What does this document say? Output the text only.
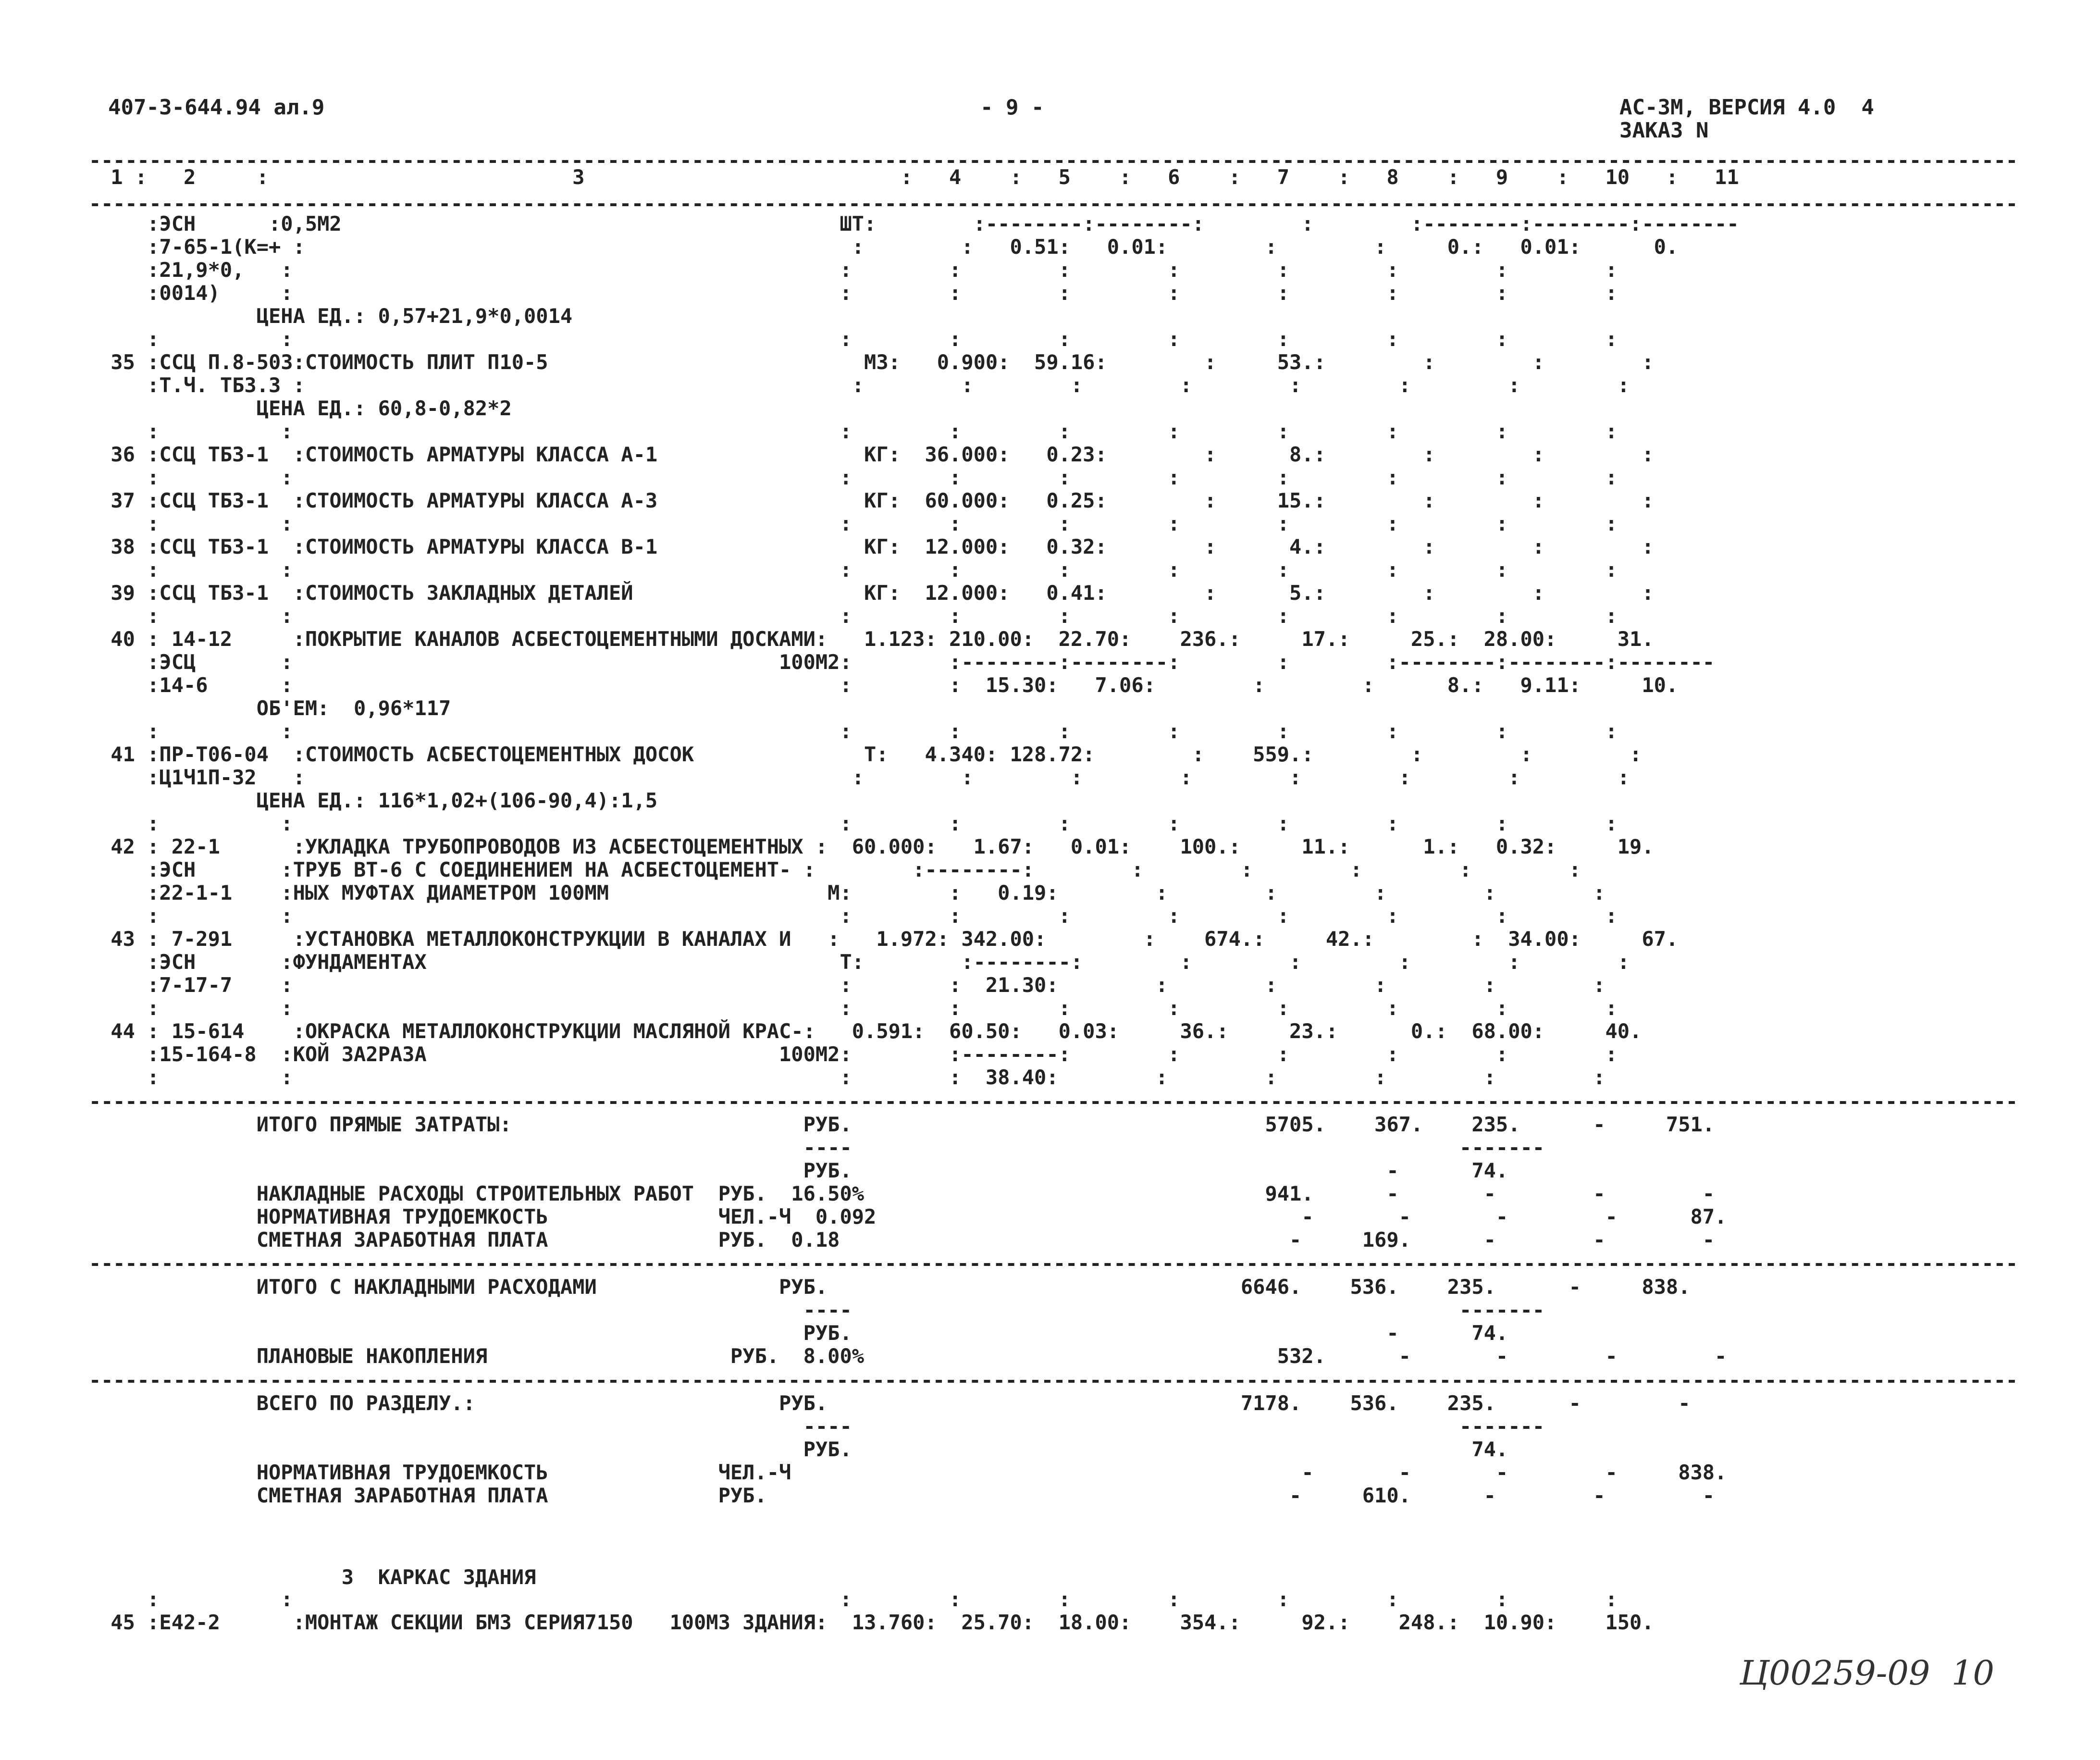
407-3-644.94 ал.9	- 9 -	АС-3М, ВЕРСИЯ 4.0  4
ЗАКАЗ N
Ц00259-09  10
----------------------------------------------------------------------------------------------------------------------------------------------------------------
----------------------------------------------------------------------------------------------------------------------------------------------------------------
----------------------------------------------------------------------------------------------------------------------------------------------------------------
----------------------------------------------------------------------------------------------------------------------------------------------------------------
----------------------------------------------------------------------------------------------------------------------------------------------------------------
1 :   2     :                         3                          :   4    :   5    :   6    :   7    :   8    :   9    :   10   :   11
:ЭСН      :0,5М2                                         ШТ:        :--------:--------:        :        :--------:--------:--------
:7-65-1(К=+ :                                             :        :   0.51:   0.01:        :        :     0.:   0.01:      0.
:21,9*0,   :                                             :        :        :        :        :        :        :        :
:0014)     :                                             :        :        :        :        :        :        :        :
ЦЕНА ЕД.: 0,57+21,9*0,0014
:          :                                             :        :        :        :        :        :        :        :
35 :ССЦ П.8-503:СТОИМОСТЬ ПЛИТ П10-5                          М3:   0.900:  59.16:        :     53.:        :        :        :
:Т.Ч. ТБ3.3 :                                             :        :        :        :        :        :        :        :
ЦЕНА ЕД.: 60,8-0,82*2
:          :                                             :        :        :        :        :        :        :        :
36 :ССЦ ТБ3-1  :СТОИМОСТЬ АРМАТУРЫ КЛАССА А-1                 КГ:  36.000:   0.23:        :      8.:        :        :        :
:          :                                             :        :        :        :        :        :        :        :
37 :ССЦ ТБ3-1  :СТОИМОСТЬ АРМАТУРЫ КЛАССА А-3                 КГ:  60.000:   0.25:        :     15.:        :        :        :
:          :                                             :        :        :        :        :        :        :        :
38 :ССЦ ТБ3-1  :СТОИМОСТЬ АРМАТУРЫ КЛАССА В-1                 КГ:  12.000:   0.32:        :      4.:        :        :        :
:          :                                             :        :        :        :        :        :        :        :
39 :ССЦ ТБ3-1  :СТОИМОСТЬ ЗАКЛАДНЫХ ДЕТАЛЕЙ                   КГ:  12.000:   0.41:        :      5.:        :        :        :
:          :                                             :        :        :        :        :        :        :        :
40 : 14-12     :ПОКРЫТИЕ КАНАЛОВ АСБЕСТОЦЕМЕНТНЫМИ ДОСКАМИ:   1.123: 210.00:  22.70:    236.:     17.:     25.:  28.00:     31.
:ЭСЦ       :                                        100М2:        :--------:--------:        :        :--------:--------:--------
:14-6      :                                             :        :  15.30:   7.06:        :        :      8.:   9.11:     10.
ОБ'ЕМ:  0,96*117
:          :                                             :        :        :        :        :        :        :        :
41 :ПР-Т06-04  :СТОИМОСТЬ АСБЕСТОЦЕМЕНТНЫХ ДОСОК              Т:   4.340: 128.72:        :    559.:        :        :        :
:Ц1Ч1П-32   :                                             :        :        :        :        :        :        :        :
ЦЕНА ЕД.: 116*1,02+(106-90,4):1,5
:          :                                             :        :        :        :        :        :        :        :
42 : 22-1      :УКЛАДКА ТРУБОПРОВОДОВ ИЗ АСБЕСТОЦЕМЕНТНЫХ :  60.000:   1.67:   0.01:    100.:     11.:      1.:   0.32:     19.
:ЭСН       :ТРУБ ВТ-6 С СОЕДИНЕНИЕМ НА АСБЕСТОЦЕМЕНТ- :        :--------:        :        :        :        :        :
:22-1-1    :НЫХ МУФТАХ ДИАМЕТРОМ 100ММ                  М:        :   0.19:        :        :        :        :        :
:          :                                             :        :        :        :        :        :        :        :
43 : 7-291     :УСТАНОВКА МЕТАЛЛОКОНСТРУКЦИИ В КАНАЛАХ И   :   1.972: 342.00:        :    674.:     42.:        :  34.00:     67.
:ЭСН       :ФУНДАМЕНТАХ                                  Т:        :--------:        :        :        :        :        :
:7-17-7    :                                             :        :  21.30:        :        :        :        :        :
:          :                                             :        :        :        :        :        :        :        :
44 : 15-614    :ОКРАСКА МЕТАЛЛОКОНСТРУКЦИИ МАСЛЯНОЙ КРАС-:   0.591:  60.50:   0.03:     36.:     23.:      0.:  68.00:     40.
:15-164-8  :КОЙ ЗА2РАЗА                             100М2:        :--------:        :        :        :        :        :
:          :                                             :        :  38.40:        :        :        :        :        :
ИТОГО ПРЯМЫЕ ЗАТРАТЫ:                        РУБ.                                  5705.    367.    235.      -     751.
----                                                  -------
РУБ.                                            -      74.
НАКЛАДНЫЕ РАСХОДЫ СТРОИТЕЛЬНЫХ РАБОТ  РУБ.  16.50%                                 941.      -       -        -        -
НОРМАТИВНАЯ ТРУДОЕМКОСТЬ              ЧЕЛ.-Ч  0.092                                   -       -       -        -      87.
СМЕТНАЯ ЗАРАБОТНАЯ ПЛАТА              РУБ.  0.18                                     -     169.      -        -        -
ИТОГО С НАКЛАДНЫМИ РАСХОДАМИ               РУБ.                                  6646.    536.    235.      -     838.
----                                                  -------
РУБ.                                            -      74.
ПЛАНОВЫЕ НАКОПЛЕНИЯ                    РУБ.  8.00%                                  532.      -       -        -        -
ВСЕГО ПО РАЗДЕЛУ.:                         РУБ.                                  7178.    536.    235.      -        -
----                                                  -------
РУБ.                                                   74.
НОРМАТИВНАЯ ТРУДОЕМКОСТЬ              ЧЕЛ.-Ч                                          -       -       -        -     838.
СМЕТНАЯ ЗАРАБОТНАЯ ПЛАТА              РУБ.                                           -     610.      -        -        -
3  КАРКАС ЗДАНИЯ
:          :                                             :        :        :        :        :        :        :        :
45 :Е42-2      :МОНТАЖ СЕКЦИИ БМЗ СЕРИЯ7150   100М3 ЗДАНИЯ:  13.760:  25.70:  18.00:    354.:     92.:    248.:  10.90:    150.
